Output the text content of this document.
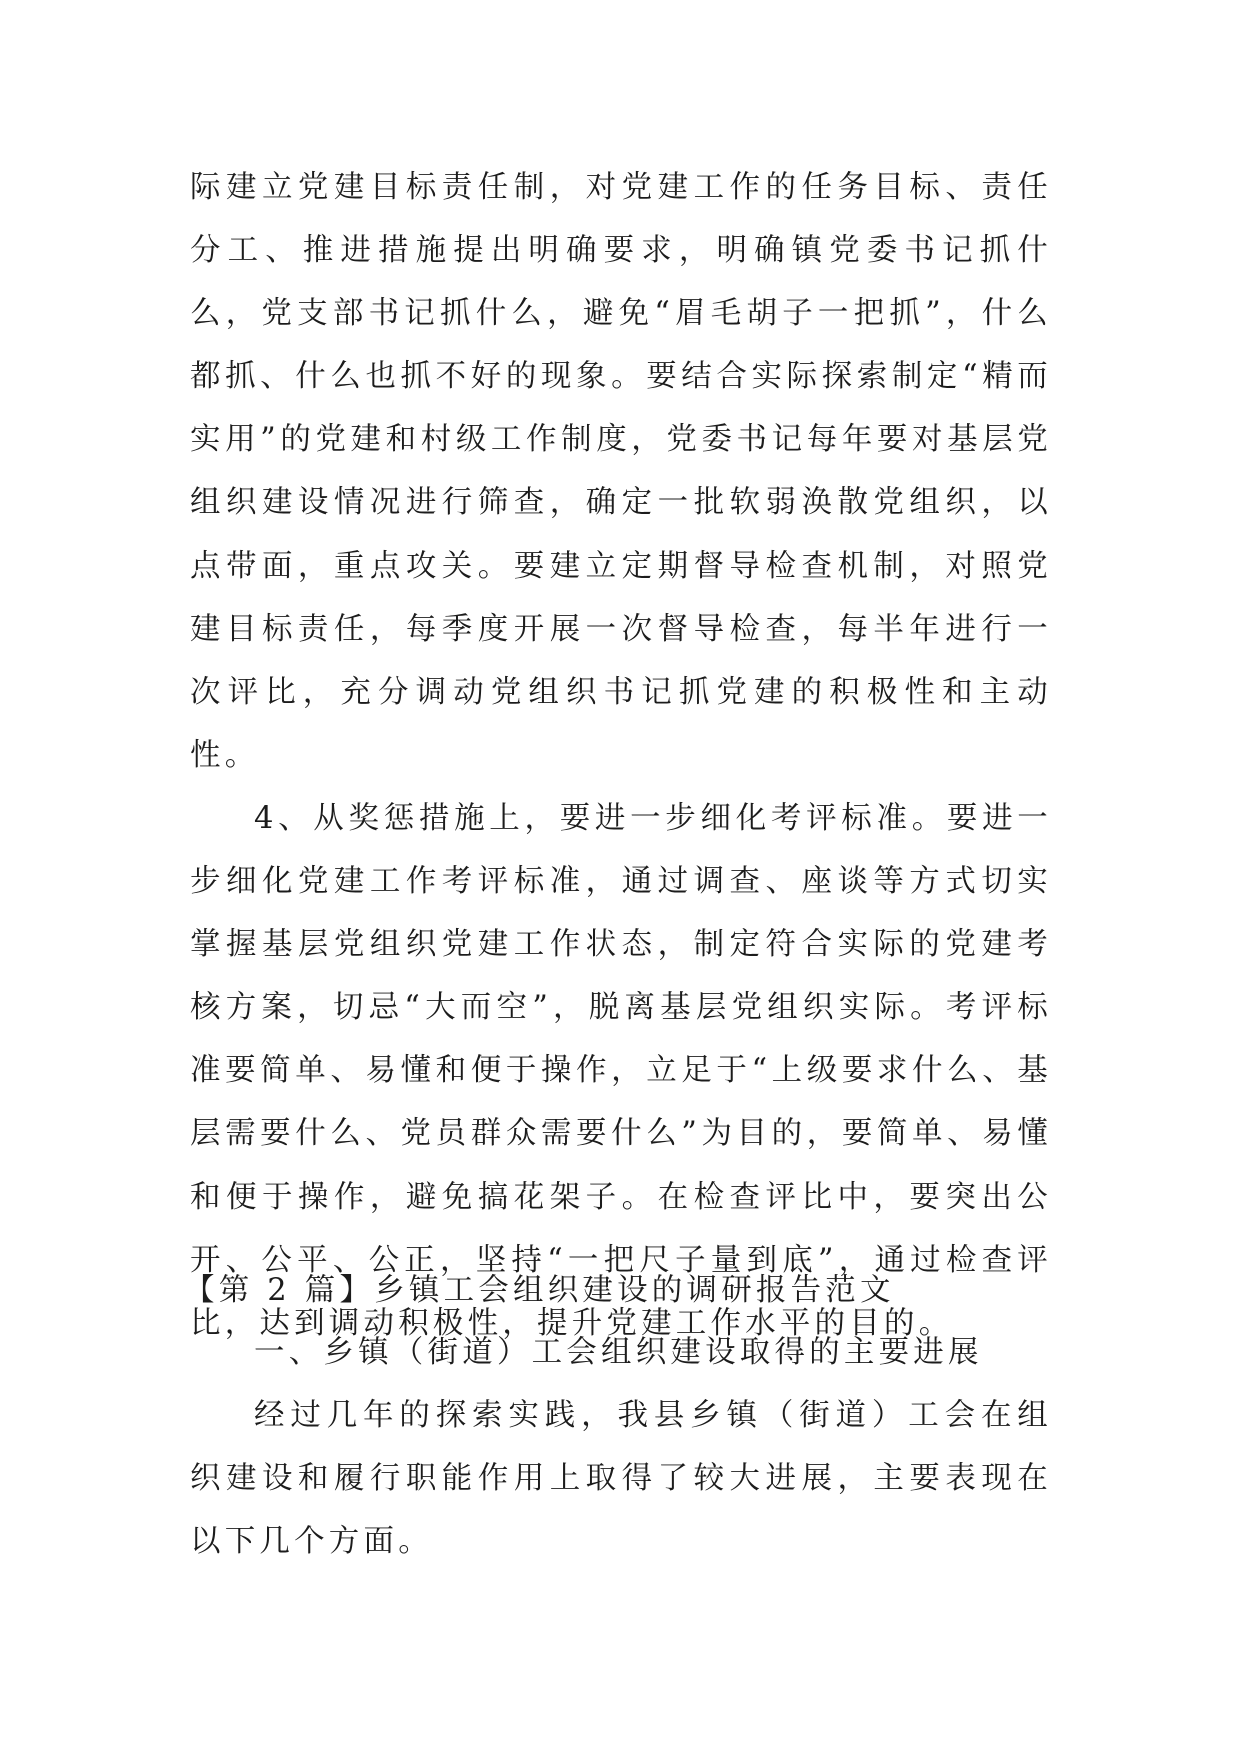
际建立党建目标责任制，对党建工作的任务目标、责任分工、推进措施提出明确要求，明确镇党委书记抓什么，党支部书记抓什么，避免“眉毛胡子一把抓”，什么都抓、什么也抓不好的现象。要结合实际探索制定“精而实用”的党建和村级工作制度，党委书记每年要对基层党组织建设情况进行筛查，确定一批软弱涣散党组织，以点带面，重点攻关。要建立定期督导检查机制，对照党建目标责任，每季度开展一次督导检查，每半年进行一次评比，充分调动党组织书记抓党建的积极性和主动性。

4、从奖惩措施上，要进一步细化考评标准。要进一步细化党建工作考评标准，通过调查、座谈等方式切实掌握基层党组织党建工作状态，制定符合实际的党建考核方案，切忌“大而空”，脱离基层党组织实际。考评标准要简单、易懂和便于操作，立足于“上级要求什么、基层需要什么、党员群众需要什么”为目的，要简单、易懂和便于操作，避免搞花架子。在检查评比中，要突出公开、公平、公正，坚持“一把尺子量到底”，通过检查评比，达到调动积极性，提升党建工作水平的目的。

【第 2 篇】乡镇工会组织建设的调研报告范文

一、乡镇（街道）工会组织建设取得的主要进展

经过几年的探索实践，我县乡镇（街道）工会在组织建设和履行职能作用上取得了较大进展，主要表现在以下几个方面。
